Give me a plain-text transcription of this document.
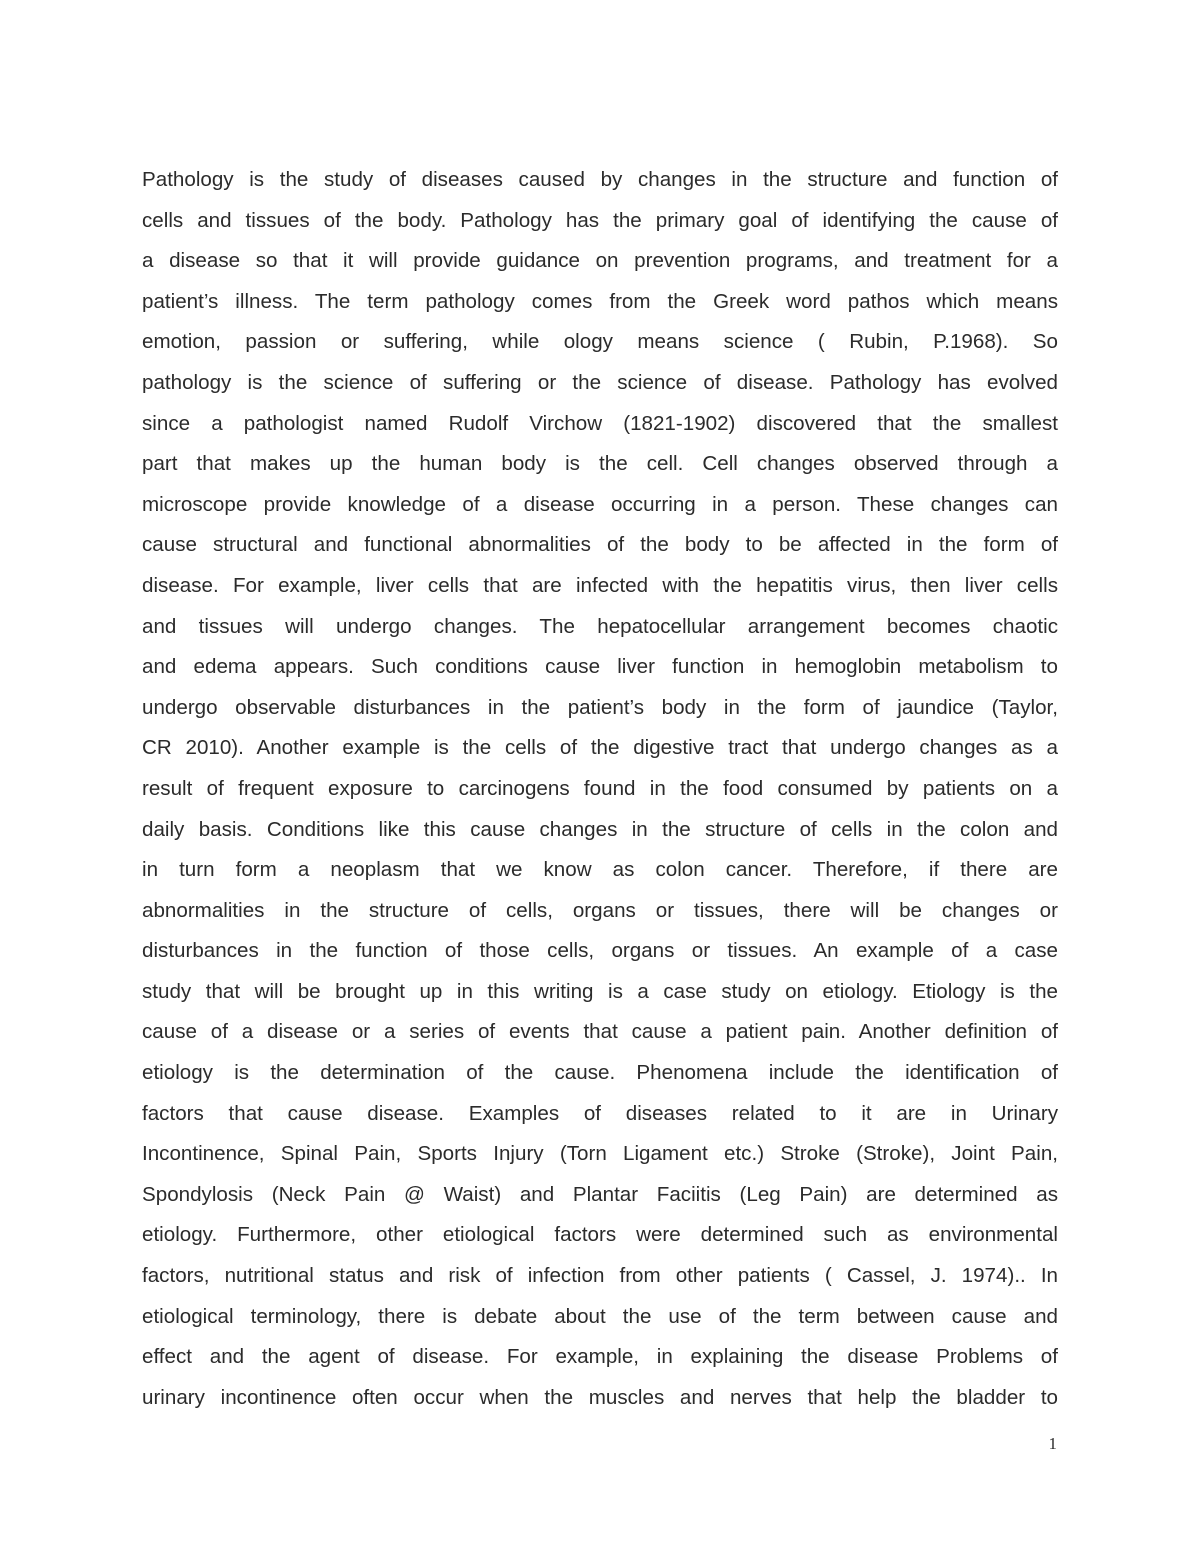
Pathology is the study of diseases caused by changes in the structure and function of
cells and tissues of the body. Pathology has the primary goal of identifying the cause of
a disease so that it will provide guidance on prevention programs, and treatment for a
patient’s illness. The term pathology comes from the Greek word pathos which means
emotion, passion or suffering, while ology means science ( Rubin, P.1968). So
pathology is the science of suffering or the science of disease. Pathology has evolved
since a pathologist named Rudolf Virchow (1821-1902) discovered that the smallest
part that makes up the human body is the cell. Cell changes observed through a
microscope provide knowledge of a disease occurring in a person. These changes can
cause structural and functional abnormalities of the body to be affected in the form of
disease. For example, liver cells that are infected with the hepatitis virus, then liver cells
and tissues will undergo changes. The hepatocellular arrangement becomes chaotic
and edema appears. Such conditions cause liver function in hemoglobin metabolism to
undergo observable disturbances in the patient’s body in the form of jaundice (Taylor,
CR 2010). Another example is the cells of the digestive tract that undergo changes as a
result of frequent exposure to carcinogens found in the food consumed by patients on a
daily basis. Conditions like this cause changes in the structure of cells in the colon and
in turn form a neoplasm that we know as colon cancer. Therefore, if there are
abnormalities in the structure of cells, organs or tissues, there will be changes or
disturbances in the function of those cells, organs or tissues. An example of a case
study that will be brought up in this writing is a case study on etiology. Etiology is the
cause of a disease or a series of events that cause a patient pain. Another definition of
etiology is the determination of the cause. Phenomena include the identification of
factors that cause disease. Examples of diseases related to it are in Urinary
Incontinence, Spinal Pain, Sports Injury (Torn Ligament etc.) Stroke (Stroke), Joint Pain,
Spondylosis (Neck Pain @ Waist) and Plantar Faciitis (Leg Pain) are determined as
etiology. Furthermore, other etiological factors were determined such as environmental
factors, nutritional status and risk of infection from other patients ( Cassel, J. 1974).. In
etiological terminology, there is debate about the use of the term between cause and
effect and the agent of disease. For example, in explaining the disease Problems of
urinary incontinence often occur when the muscles and nerves that help the bladder to
1
